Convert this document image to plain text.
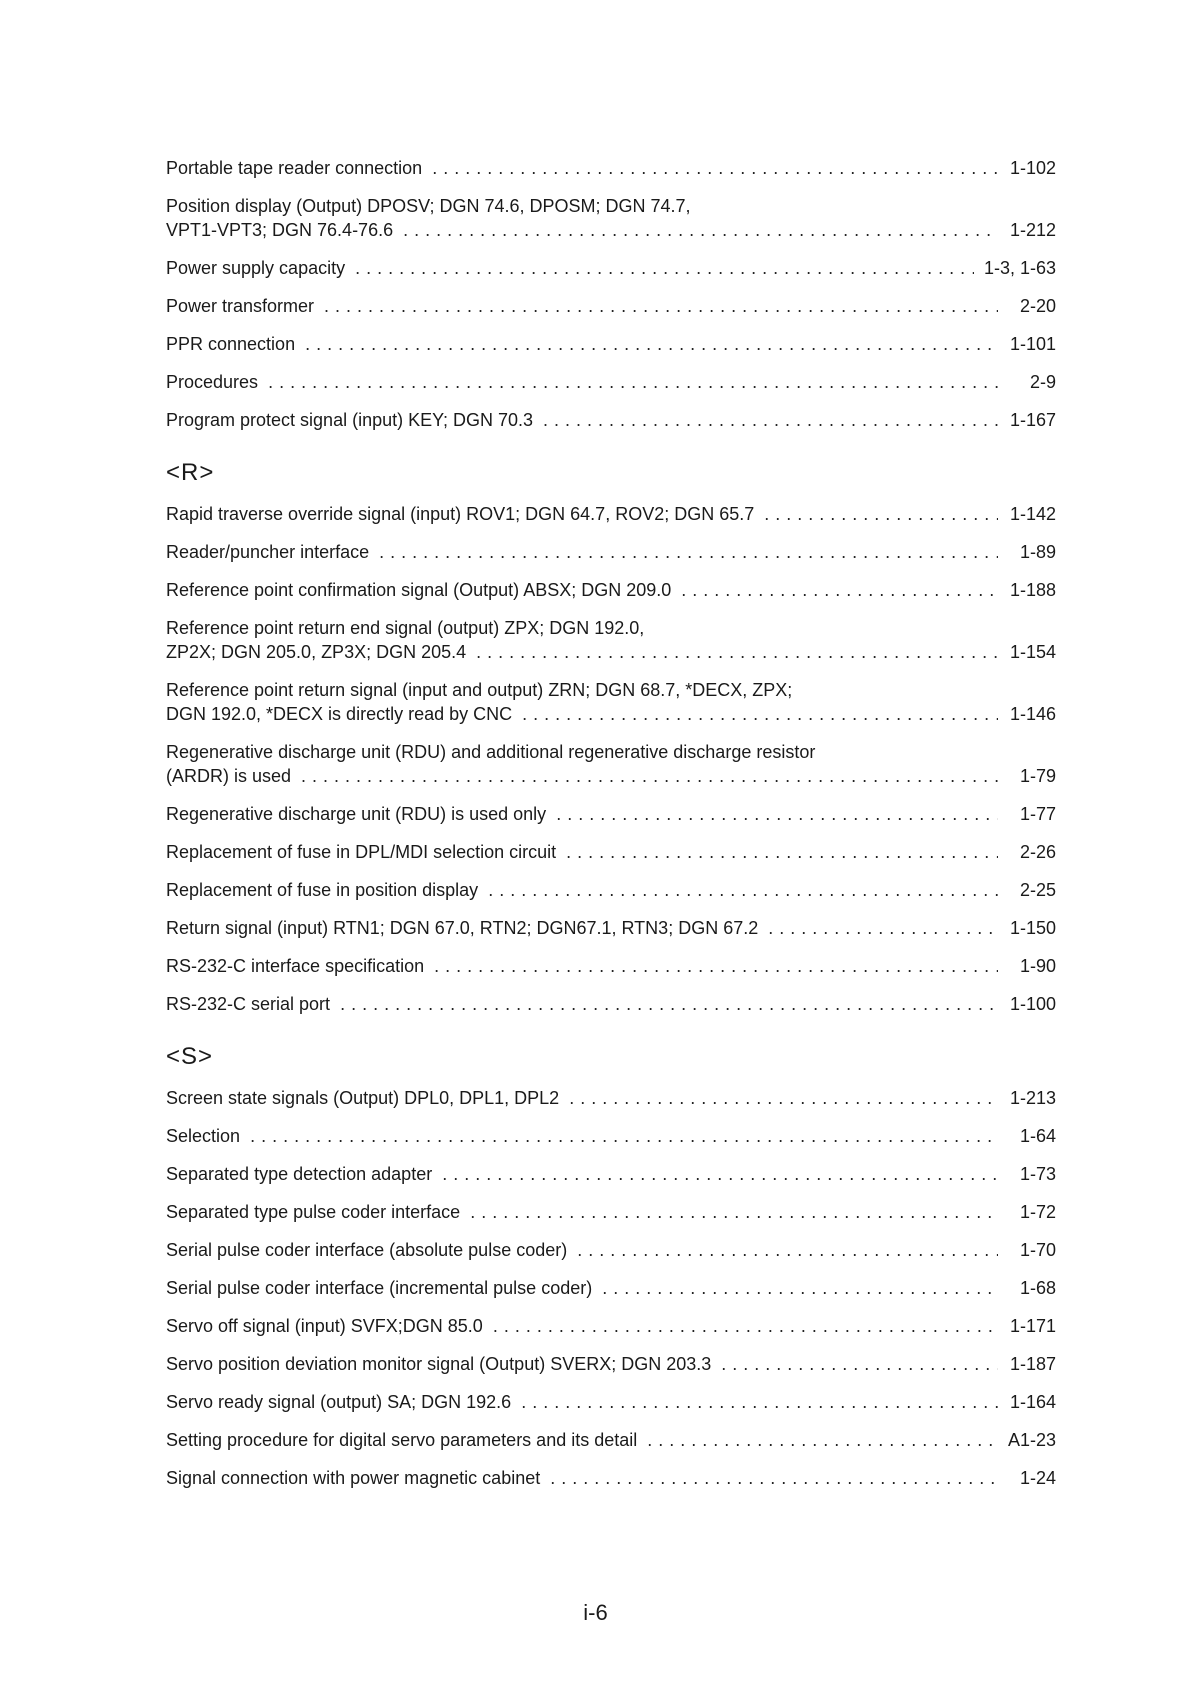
Portable tape reader connection .....	1-102
Position display (Output) DPOSV; DGN 74.6, DPOSM; DGN 74.7,
VPT1-VPT3; DGN 76.4-76.6 .....	1-212
Power supply capacity .....	1-3, 1-63
Power transformer .....	2-20
PPR connection .....	1-101
Procedures .....	2-9
Program protect signal (input) KEY; DGN 70.3 .....	1-167
<R>
Rapid traverse override signal (input) ROV1; DGN 64.7, ROV2; DGN 65.7 .....	1-142
Reader/puncher interface .....	1-89
Reference point confirmation signal (Output) ABSX; DGN 209.0 .....	1-188
Reference point return end signal (output) ZPX; DGN 192.0,
ZP2X; DGN 205.0, ZP3X; DGN 205.4 .....	1-154
Reference point return signal (input and output) ZRN; DGN 68.7, *DECX, ZPX;
DGN 192.0, *DECX is directly read by CNC .....	1-146
Regenerative discharge unit (RDU) and additional regenerative discharge resistor
(ARDR) is used .....	1-79
Regenerative discharge unit (RDU) is used only .....	1-77
Replacement of fuse in DPL/MDI selection circuit .....	2-26
Replacement of fuse in position display .....	2-25
Return signal (input) RTN1; DGN 67.0, RTN2; DGN67.1, RTN3; DGN 67.2 .....	1-150
RS-232-C interface specification .....	1-90
RS-232-C serial port .....	1-100
<S>
Screen state signals (Output) DPL0, DPL1, DPL2 .....	1-213
Selection .....	1-64
Separated type detection adapter .....	1-73
Separated type pulse coder interface .....	1-72
Serial pulse coder interface (absolute pulse coder) .....	1-70
Serial pulse coder interface (incremental pulse coder) .....	1-68
Servo off signal (input) SVFX;DGN 85.0 .....	1-171
Servo position deviation monitor signal (Output) SVERX; DGN 203.3 .....	1-187
Servo ready signal (output) SA; DGN 192.6 .....	1-164
Setting procedure for digital servo parameters and its detail .....	A1-23
Signal connection with power magnetic cabinet .....	1-24
i-6
